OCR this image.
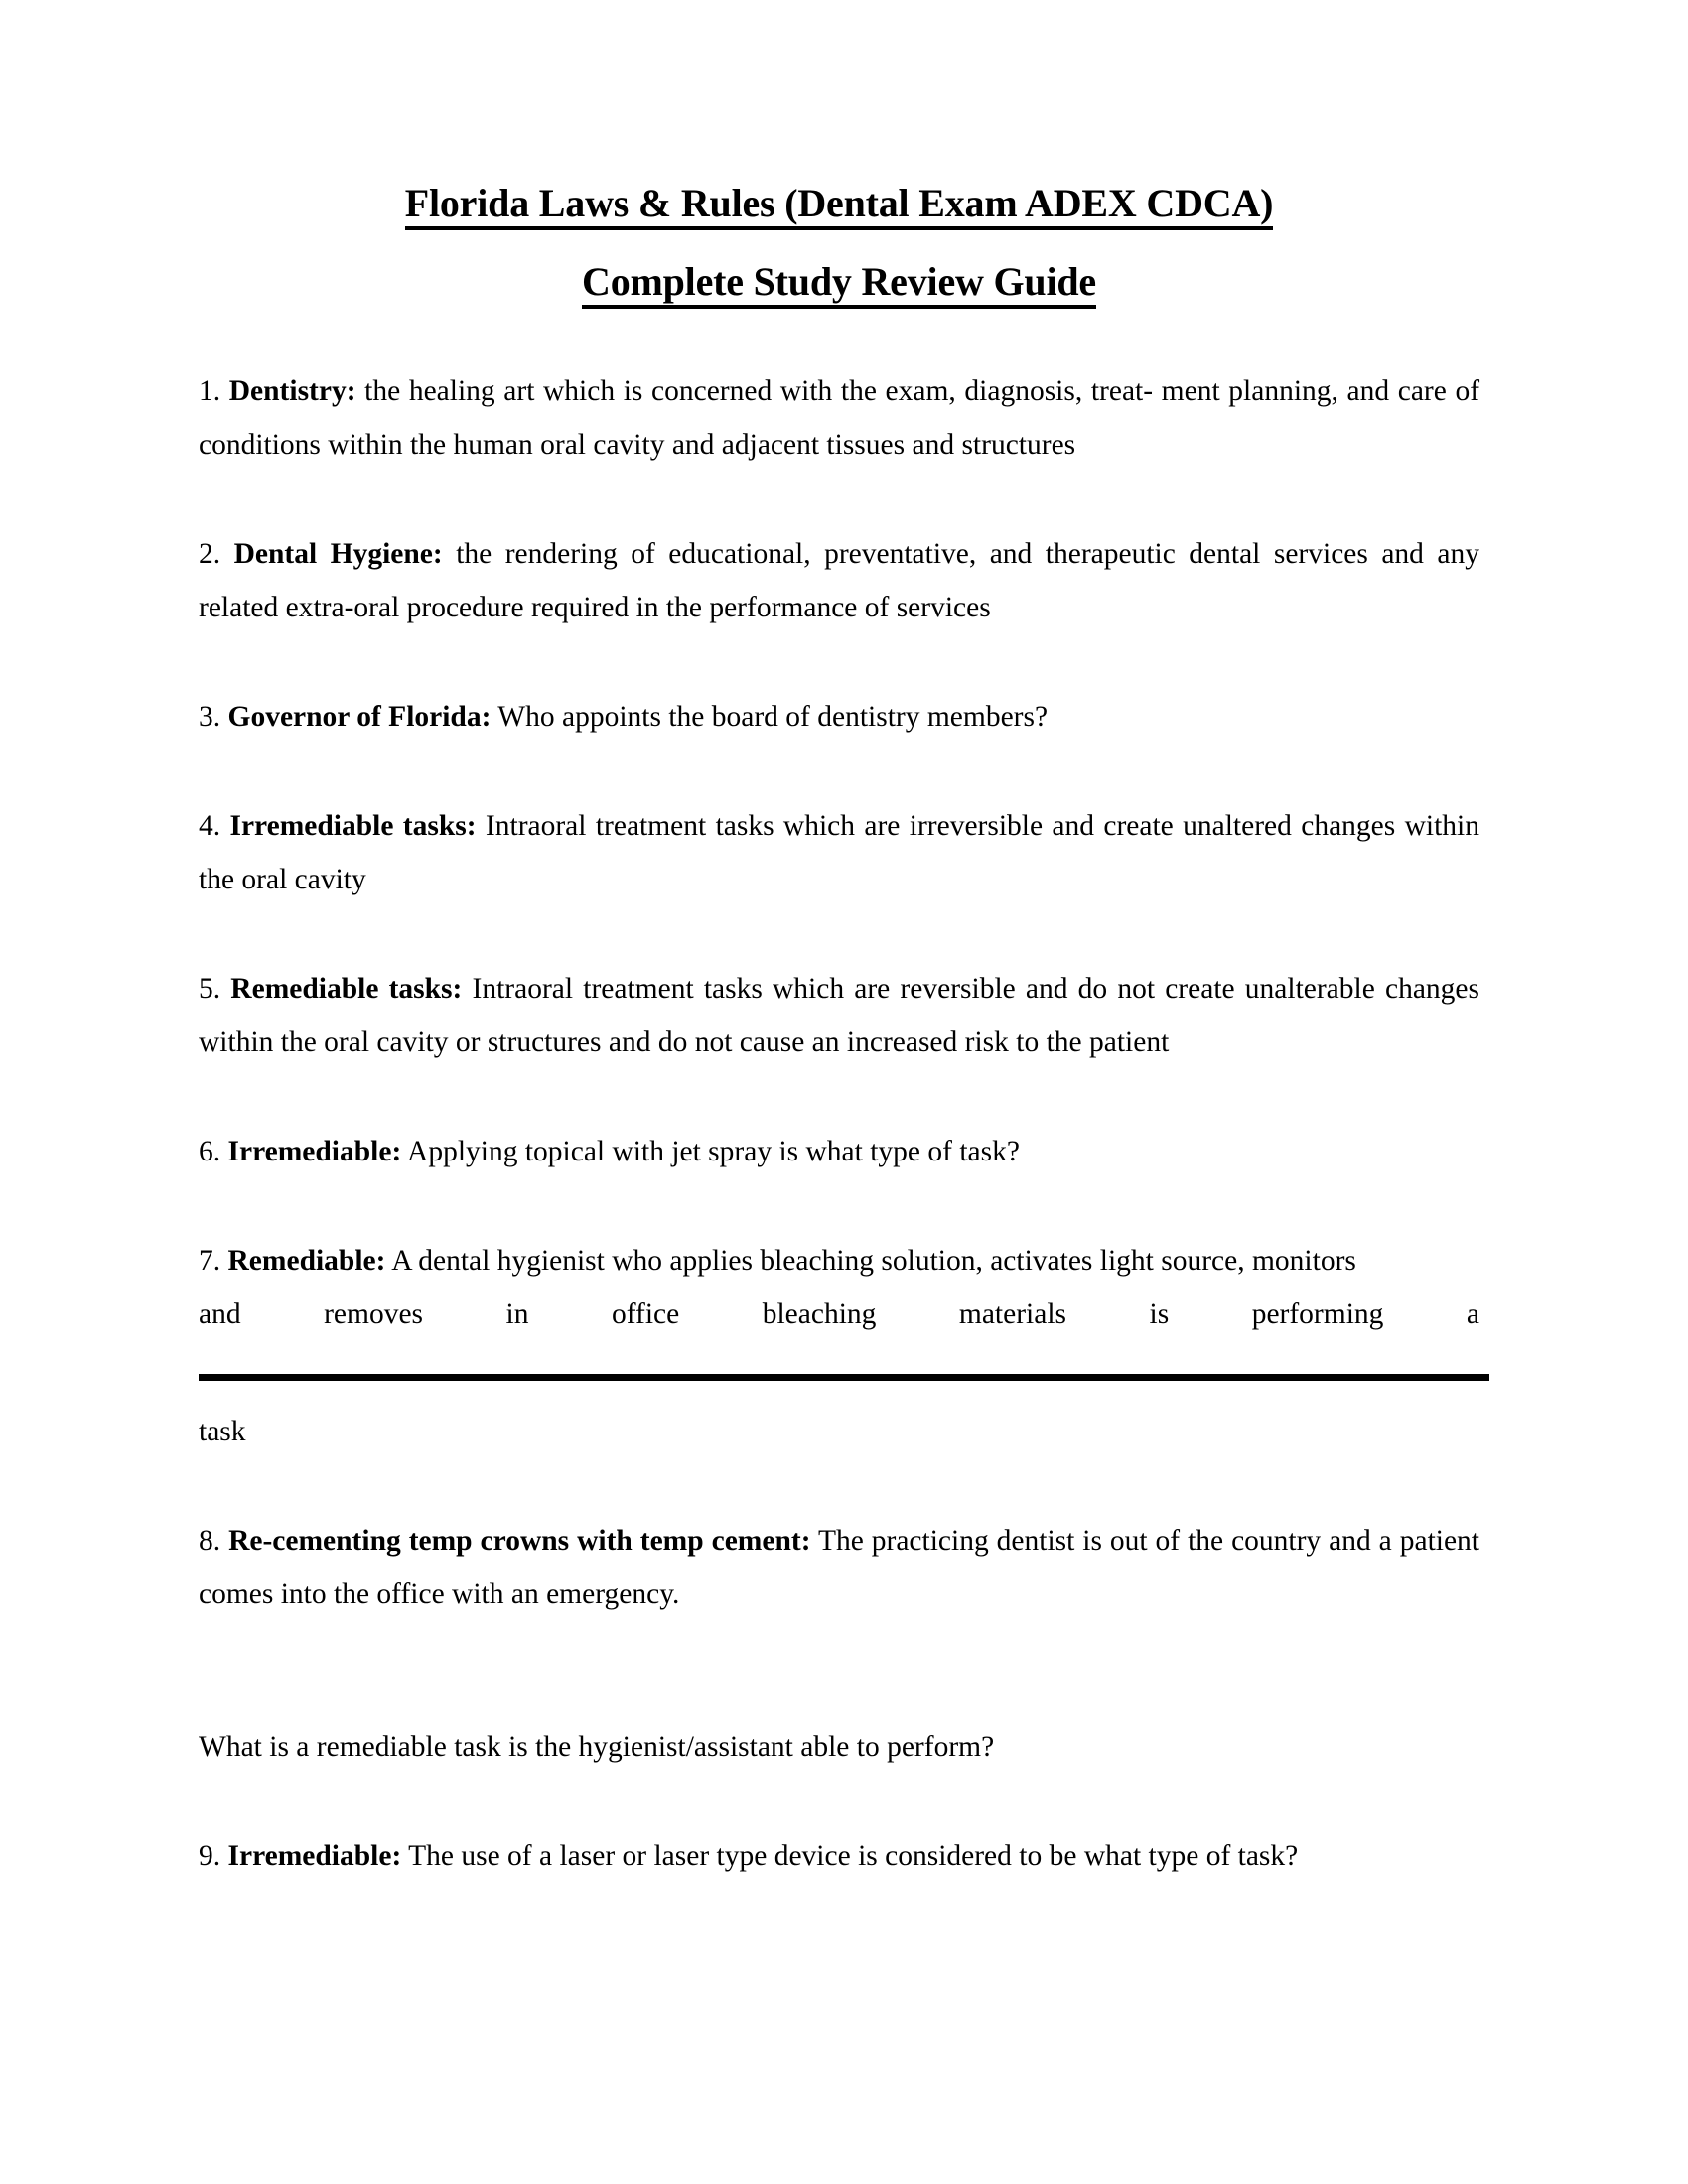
Florida Laws & Rules (Dental Exam ADEX CDCA)
Complete Study Review Guide

1. Dentistry: the healing art which is concerned with the exam, diagnosis, treat- ment planning, and care of conditions within the human oral cavity and adjacent tissues and structures

2. Dental Hygiene: the rendering of educational, preventative, and therapeutic dental services and any related extra-oral procedure required in the performance of services

3. Governor of Florida: Who appoints the board of dentistry members?

4. Irremediable tasks: Intraoral treatment tasks which are irreversible and create unaltered changes within the oral cavity

5. Remediable tasks: Intraoral treatment tasks which are reversible and do not create unalterable changes within the oral cavity or structures and do not cause an increased risk to the patient

6. Irremediable: Applying topical with jet spray is what type of task?

7. Remediable: A dental hygienist who applies bleaching solution, activates light source, monitors

and removes in office bleaching materials is performing a

task

8. Re-cementing temp crowns with temp cement: The practicing dentist is out of the country and a patient comes into the office with an emergency.

What is a remediable task is the hygienist/assistant able to perform?

9. Irremediable: The use of a laser or laser type device is considered to be what type of task?
